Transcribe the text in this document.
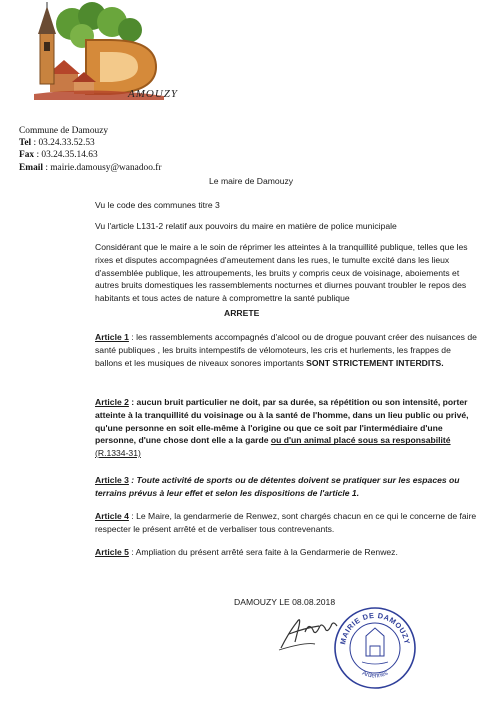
AMOUZY
Commune de Damouzy
Tel : 03.24.33.52.53
Fax : 03.24.35.14.63
Email : mairie.damousy@wanadoo.fr
Le maire de Damouzy
Vu le code des communes titre 3
Vu l'article L131-2 relatif aux pouvoirs du maire en matière de police municipale
Considérant que le maire a le soin de réprimer les atteintes à la tranquillité publique, telles que les rixes et disputes accompagnées d'ameutement dans les rues, le tumulte excité dans les lieux d'assemblée publique, les attroupements, les bruits y compris ceux de voisinage, aboiements et autres bruits domestiques les rassemblements nocturnes et diurnes pouvant troubler le repos des habitants et tous actes de nature à compromettre la santé publique
ARRETE
Article 1 : les rassemblements accompagnés d'alcool ou de drogue pouvant créer des nuisances de santé publiques , les bruits intempestifs de vélomoteurs, les cris et hurlements, les frappes de ballons et les musiques de niveaux sonores importants SONT STRICTEMENT INTERDITS.
Article 2 : aucun bruit particulier ne doit, par sa durée, sa répétition ou son intensité, porter atteinte à la tranquillité du voisinage ou à la santé de l'homme, dans un lieu public ou privé, qu'une personne en soit elle-même à l'origine ou que ce soit par l'intermédiaire d'une personne, d'une chose dont elle a la garde ou d'un animal placé sous sa responsabilité (R.1334-31)
Article 3 : Toute activité de sports ou de détentes doivent se pratiquer sur les espaces ou terrains prévus à leur effet et selon les dispositions de l'article 1.
Article 4 : Le Maire, la gendarmerie de Renwez, sont chargés chacun en ce qui le concerne de faire respecter le présent arrêté et de verbaliser tous contrevenants.
Article 5 : Ampliation du présent arrêté sera faite à la Gendarmerie de Renwez.
DAMOUZY LE 08.08.2018
MAIRIE DE DAMOUZY
Ardennes
